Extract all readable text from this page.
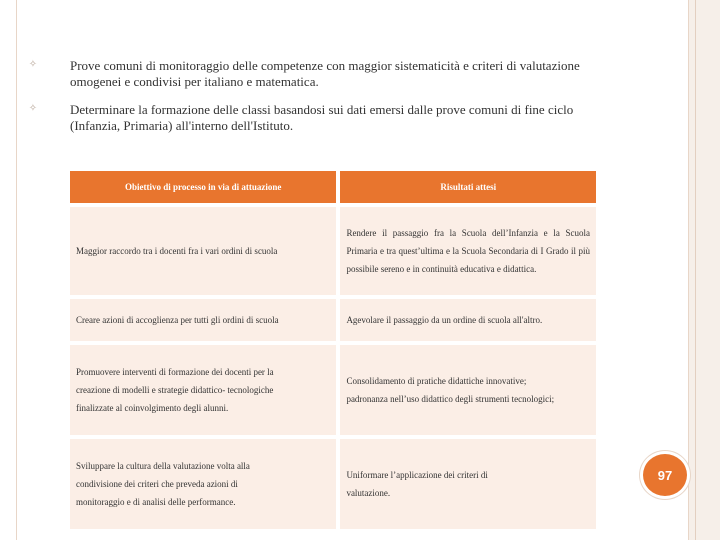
✧	Prove comuni di monitoraggio delle competenze con maggior sistematicità e criteri di valutazione omogenei e condivisi per italiano e matematica.
✧	Determinare la formazione delle classi basandosi sui dati emersi dalle prove comuni di fine ciclo (Infanzia, Primaria) all'interno dell'Istituto.
Obiettivo di processo in via di attuazione	Risultati attesi

Maggior raccordo tra i docenti fra i vari ordini di scuola	Rendere il passaggio fra la Scuola dell’Infanzia e la Scuola Primaria e tra quest’ultima e la Scuola Secondaria di I Grado il più possibile sereno e in continuità educativa e didattica.

Creare azioni di accoglienza per tutti gli ordini di scuola	Agevolare il passaggio da un ordine di scuola all'altro.

Promuovere interventi di formazione dei docenti per la
creazione di modelli e strategie didattico- tecnologiche
finalizzate al coinvolgimento degli alunni.	Consolidamento di pratiche didattiche innovative;
padronanza nell’uso didattico degli strumenti tecnologici;

Sviluppare la cultura della valutazione volta alla
condivisione dei criteri che preveda azioni di
monitoraggio e di analisi delle performance.	Uniformare l’applicazione dei criteri di
valutazione.
97
